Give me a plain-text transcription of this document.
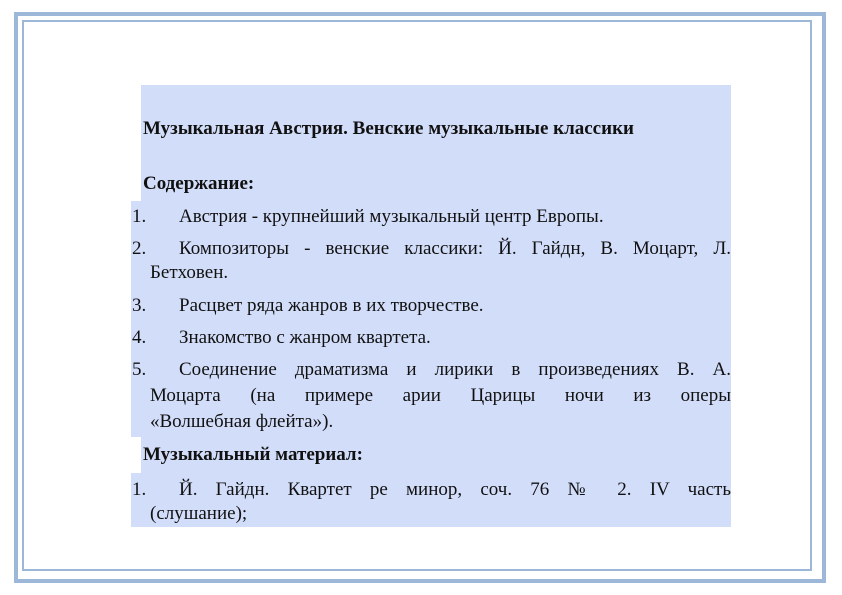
Музыкальная Австрия. Венские музыкальные классики
Содержание:
1. Австрия - крупнейший музыкальный центр Европы.
2. Композиторы - венские классики: Й. Гайдн, В. Моцарт, Л.
Бетховен.
3. Расцвет ряда жанров в их творчестве.
4. Знакомство с жанром квартета.
5. Соединение драматизма и лирики в произведениях В. А.
Моцарта (на примере арии Царицы ночи из оперы
«Волшебная флейта»).
Музыкальный материал:
1. Й. Гайдн. Квартет ре минор, соч. 76 № 2. IV часть
(слушание);
